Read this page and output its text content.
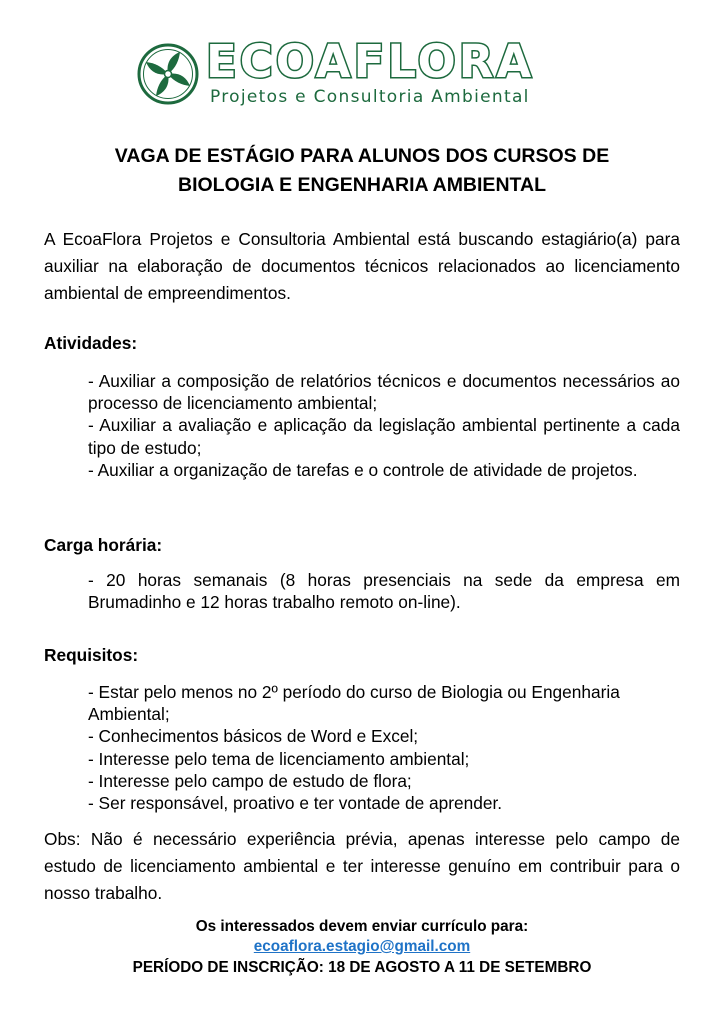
ECOAFLORA
Projetos e Consultoria Ambiental
VAGA DE ESTÁGIO PARA ALUNOS DOS CURSOS DE
BIOLOGIA E ENGENHARIA AMBIENTAL
A EcoaFlora Projetos e Consultoria Ambiental está buscando estagiário(a) para auxiliar na elaboração de documentos técnicos relacionados ao licenciamento ambiental de empreendimentos.
Atividades:
- Auxiliar a composição de relatórios técnicos e documentos necessários ao processo de licenciamento ambiental;
- Auxiliar a avaliação e aplicação da legislação ambiental pertinente a cada tipo de estudo;
- Auxiliar a organização de tarefas e o controle de atividade de projetos.
Carga horária:
- 20 horas semanais (8 horas presenciais na sede da empresa em Brumadinho e 12 horas trabalho remoto on-line).
Requisitos:
- Estar pelo menos no 2º período do curso de Biologia ou Engenharia Ambiental;
- Conhecimentos básicos de Word e Excel;
- Interesse pelo tema de licenciamento ambiental;
- Interesse pelo campo de estudo de flora;
- Ser responsável, proativo e ter vontade de aprender.
Obs: Não é necessário experiência prévia, apenas interesse pelo campo de estudo de licenciamento ambiental e ter interesse genuíno em contribuir para o nosso trabalho.
Os interessados devem enviar currículo para:
ecoaflora.estagio@gmail.com
PERÍODO DE INSCRIÇÃO: 18 DE AGOSTO A 11 DE SETEMBRO
